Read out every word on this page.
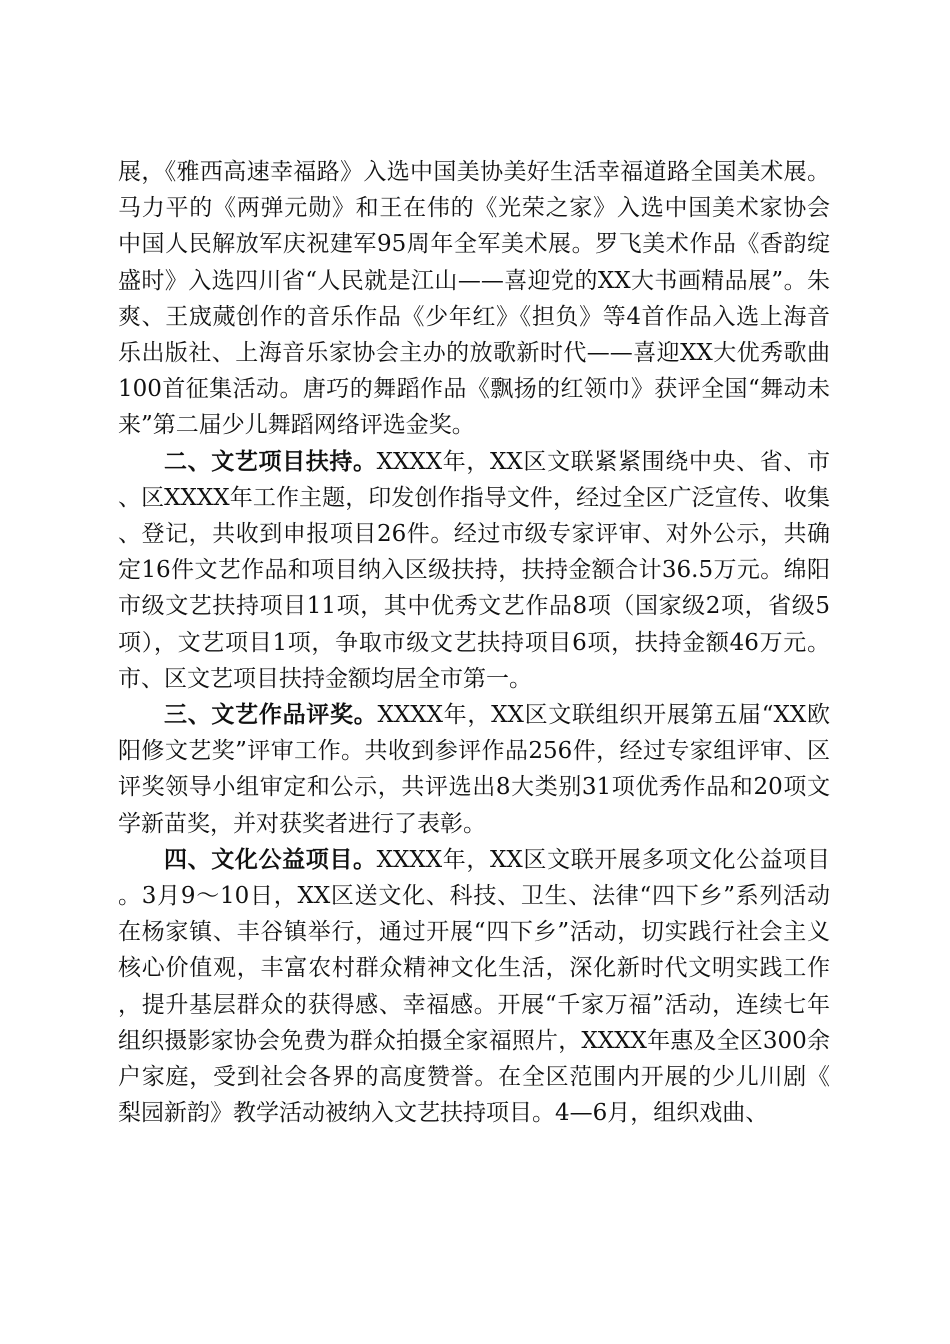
展，《雅西高速幸福路》入选中国美协美好生活幸福道路全国美术展。马力平的《两弹元勋》和王在伟的《光荣之家》入选中国美术家协会中国人民解放军庆祝建军95周年全军美术展。罗飞美术作品《香韵绽盛时》入选四川省“人民就是江山——喜迎党的XX大书画精品展”。朱爽、王宬蒇创作的音乐作品《少年红》《担负》等4首作品入选上海音乐出版社、上海音乐家协会主办的放歌新时代——喜迎XX大优秀歌曲100首征集活动。唐巧的舞蹈作品《飘扬的红领巾》获评全国“舞动未来”第二届少儿舞蹈网络评选金奖。

二、文艺项目扶持。XXXX年，XX区文联紧紧围绕中央、省、市、区XXXX年工作主题，印发创作指导文件，经过全区广泛宣传、收集、登记，共收到申报项目26件。经过市级专家评审、对外公示，共确定16件文艺作品和项目纳入区级扶持，扶持金额合计36.5万元。绵阳市级文艺扶持项目11项，其中优秀文艺作品8项（国家级2项，省级5项），文艺项目1项，争取市级文艺扶持项目6项，扶持金额46万元。市、区文艺项目扶持金额均居全市第一。

三、文艺作品评奖。XXXX年，XX区文联组织开展第五届“XX欧阳修文艺奖”评审工作。共收到参评作品256件，经过专家组评审、区评奖领导小组审定和公示，共评选出8大类别31项优秀作品和20项文学新苗奖，并对获奖者进行了表彰。

四、文化公益项目。XXXX年，XX区文联开展多项文化公益项目。3月9～10日，XX区送文化、科技、卫生、法律“四下乡”系列活动在杨家镇、丰谷镇举行，通过开展“四下乡”活动，切实践行社会主义核心价值观，丰富农村群众精神文化生活，深化新时代文明实践工作，提升基层群众的获得感、幸福感。开展“千家万福”活动，连续七年组织摄影家协会免费为群众拍摄全家福照片，XXXX年惠及全区300余户家庭，受到社会各界的高度赞誉。在全区范围内开展的少儿川剧《梨园新韵》教学活动被纳入文艺扶持项目。4—6月，组织戏曲、
